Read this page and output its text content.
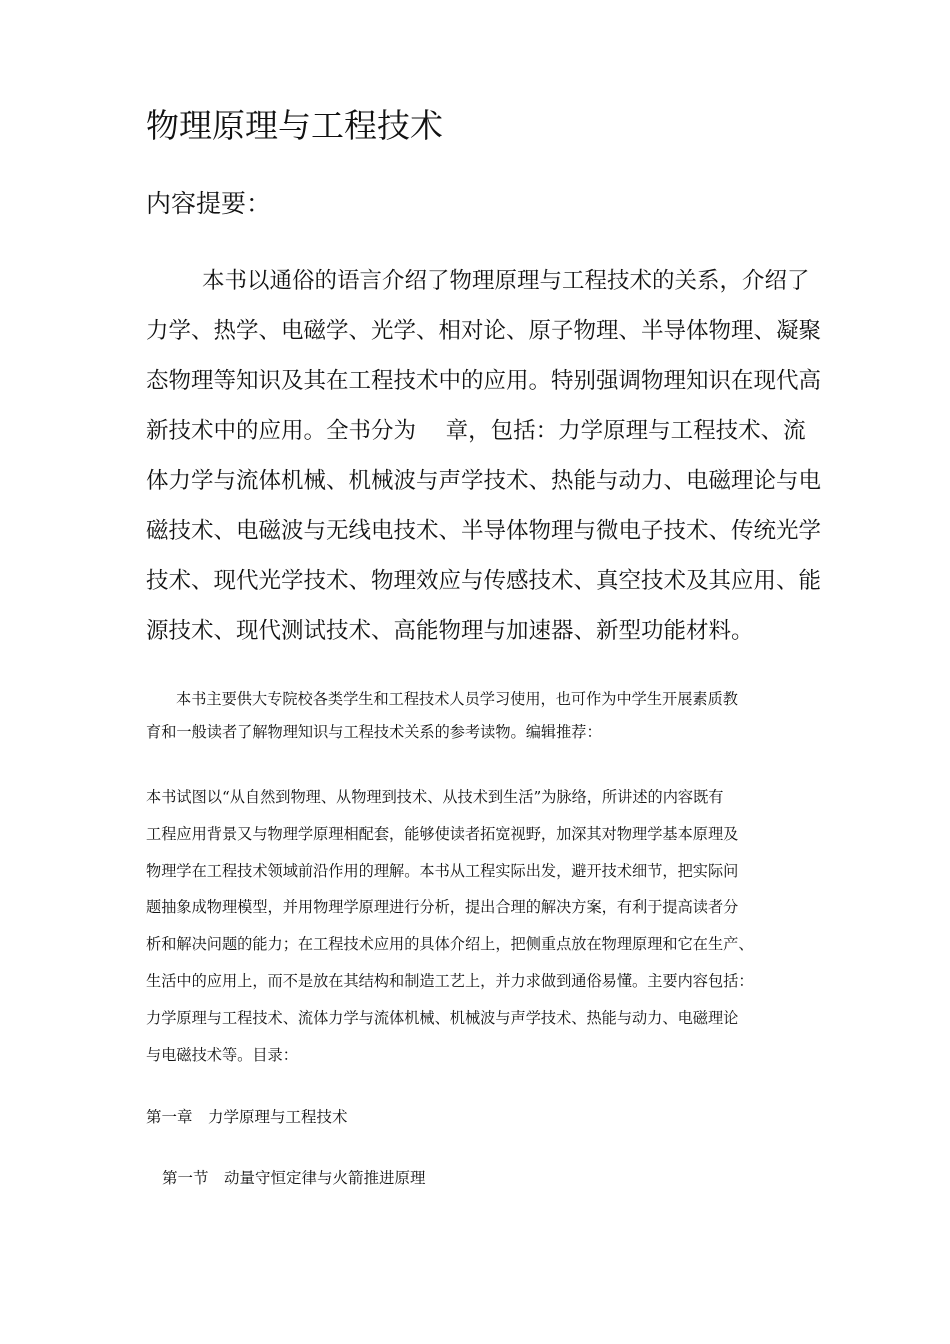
物理原理与工程技术
内容提要：
本书以通俗的语言介绍了物理原理与工程技术的关系，介绍了
力学、热学、电磁学、光学、相对论、原子物理、半导体物理、凝聚
态物理等知识及其在工程技术中的应用。特别强调物理知识在现代高
新技术中的应用。全书分为　 章，包括：力学原理与工程技术、流
体力学与流体机械、机械波与声学技术、热能与动力、电磁理论与电
磁技术、电磁波与无线电技术、半导体物理与微电子技术、传统光学
技术、现代光学技术、物理效应与传感技术、真空技术及其应用、能
源技术、现代测试技术、高能物理与加速器、新型功能材料。
本书主要供大专院校各类学生和工程技术人员学习使用，也可作为中学生开展素质教
育和一般读者了解物理知识与工程技术关系的参考读物。编辑推荐：
本书试图以“从自然到物理、从物理到技术、从技术到生活”为脉络，所讲述的内容既有
工程应用背景又与物理学原理相配套，能够使读者拓宽视野，加深其对物理学基本原理及
物理学在工程技术领域前沿作用的理解。本书从工程实际出发，避开技术细节，把实际问
题抽象成物理模型，并用物理学原理进行分析，提出合理的解决方案，有利于提高读者分
析和解决问题的能力；在工程技术应用的具体介绍上，把侧重点放在物理原理和它在生产、
生活中的应用上，而不是放在其结构和制造工艺上，并力求做到通俗易懂。主要内容包括：
力学原理与工程技术、流体力学与流体机械、机械波与声学技术、热能与动力、电磁理论
与电磁技术等。目录：
第一章　力学原理与工程技术
第一节　动量守恒定律与火箭推进原理
